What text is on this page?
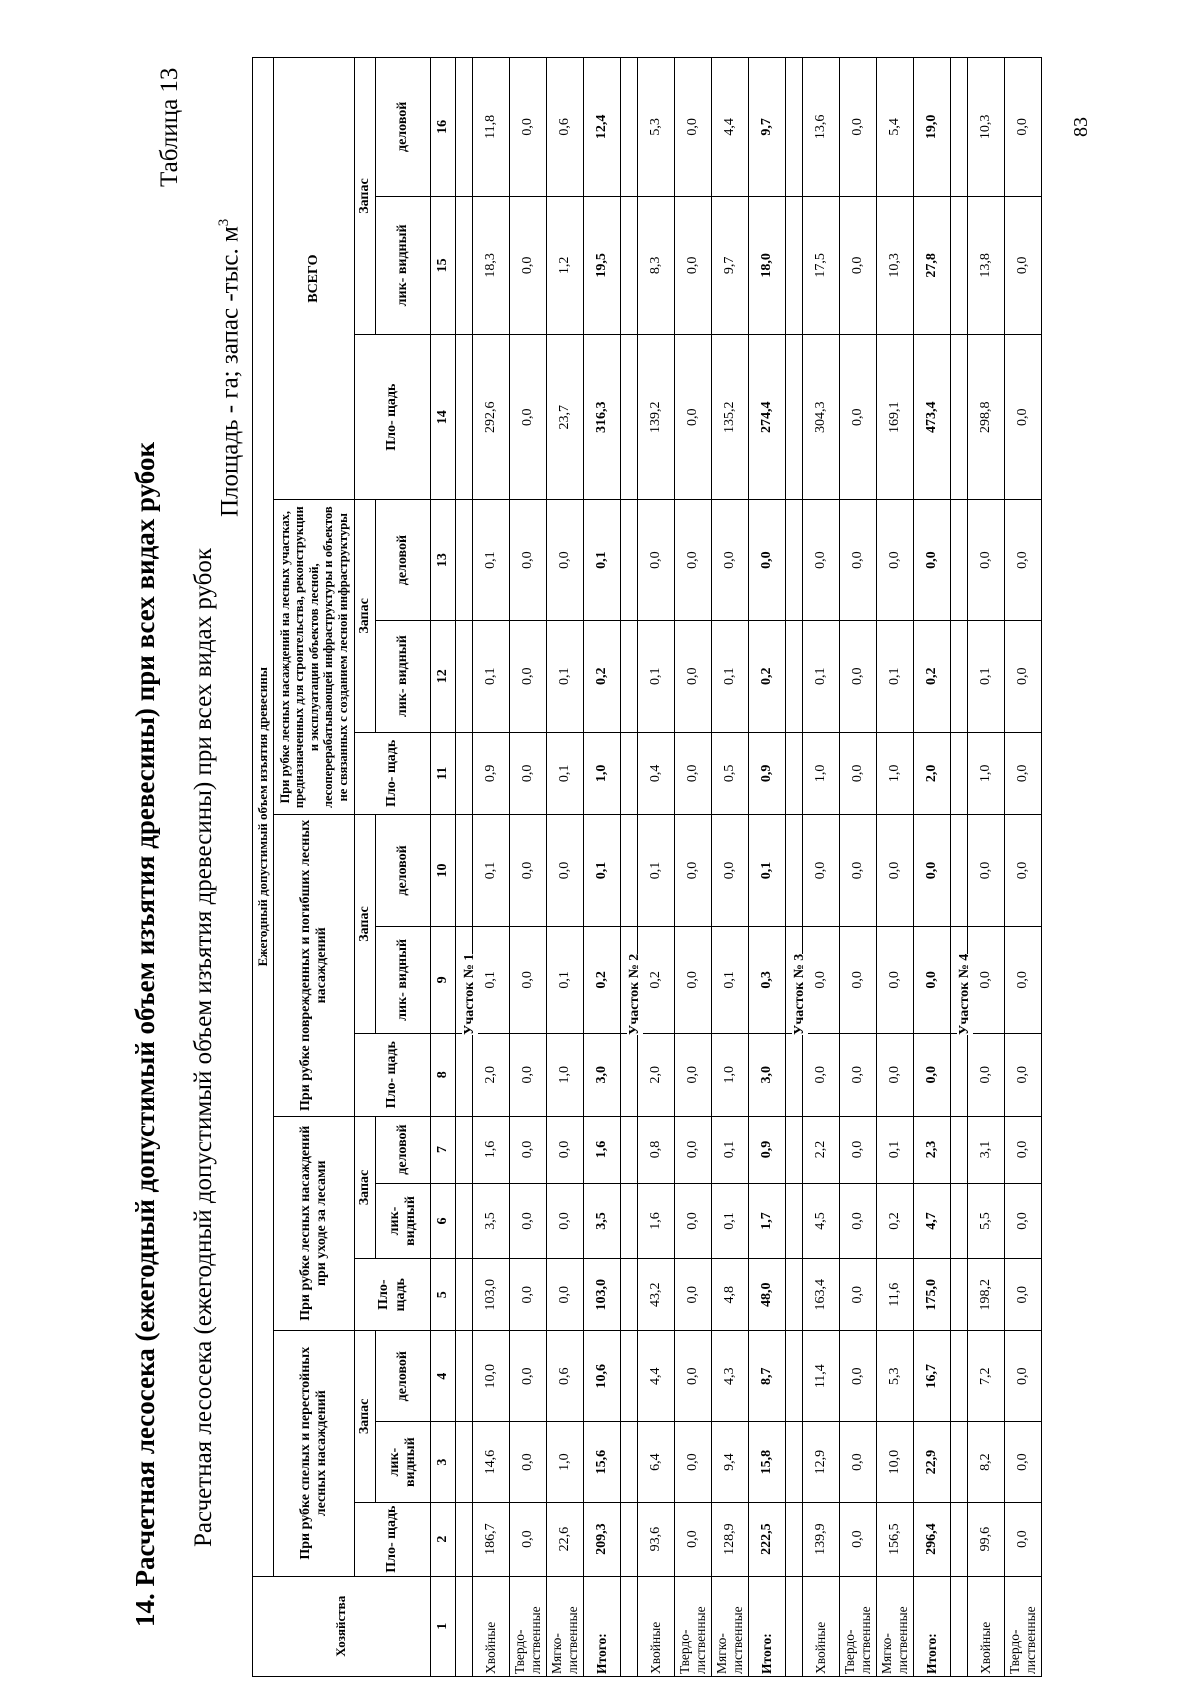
83
14. Расчетная лесосека (ежегодный допустимый объем изъятия древесины) при всех видах рубок
Таблица 13
Расчетная лесосека (ежегодный допустимый объем изъятия древесины) при всех видах рубок
Площадь - га; запас -тыс. $м^3$
Хозяйства	Ежегодный допустимый объем изъятия древесины														
	При рубке спелых и перестойных лесных насаждений			При рубке лесных насаждений при уходе за лесами			При рубке поврежденных и погибших лесных насаждений			При рубке лесных насаждений на лесных участках, предназначенных для строительства, реконструкции и эксплуатации объектов лесной, лесоперерабатывающей инфраструктуры и объектов не связанных с созданием лесной инфраструктуры			ВСЕГО		
	Пло- щадь	Запас		Пло- щадь	Запас		Пло- щадь	Запас		Пло- щадь	Запас		Пло- щадь	Запас	
		лик- видный	деловой		лик- видный	деловой		лик- видный	деловой		лик- видный	деловой		лик- видный	деловой
1	2	3	4	5	6	7	8	9	10	11	12	13	14	15	16

								Участок № 1							

Хвойные	186,7	14,6	10,0	103,0	3,5	1,6	2,0	0,1	0,1	0,9	0,1	0,1	292,6	18,3	11,8
Твердо- лиственные	0,0	0,0	0,0	0,0	0,0	0,0	0,0	0,0	0,0	0,0	0,0	0,0	0,0	0,0	0,0
Мягко- лиственные	22,6	1,0	0,6	0,0	0,0	0,0	1,0	0,1	0,0	0,1	0,1	0,0	23,7	1,2	0,6
Итого:	209,3	15,6	10,6	103,0	3,5	1,6	3,0	0,2	0,1	1,0	0,2	0,1	316,3	19,5	12,4

								Участок № 2							

Хвойные	93,6	6,4	4,4	43,2	1,6	0,8	2,0	0,2	0,1	0,4	0,1	0,0	139,2	8,3	5,3
Твердо- лиственные	0,0	0,0	0,0	0,0	0,0	0,0	0,0	0,0	0,0	0,0	0,0	0,0	0,0	0,0	0,0
Мягко- лиственные	128,9	9,4	4,3	4,8	0,1	0,1	1,0	0,1	0,0	0,5	0,1	0,0	135,2	9,7	4,4
Итого:	222,5	15,8	8,7	48,0	1,7	0,9	3,0	0,3	0,1	0,9	0,2	0,0	274,4	18,0	9,7

								Участок № 3							

Хвойные	139,9	12,9	11,4	163,4	4,5	2,2	0,0	0,0	0,0	1,0	0,1	0,0	304,3	17,5	13,6
Твердо- лиственные	0,0	0,0	0,0	0,0	0,0	0,0	0,0	0,0	0,0	0,0	0,0	0,0	0,0	0,0	0,0
Мягко- лиственные	156,5	10,0	5,3	11,6	0,2	0,1	0,0	0,0	0,0	1,0	0,1	0,0	169,1	10,3	5,4
Итого:	296,4	22,9	16,7	175,0	4,7	2,3	0,0	0,0	0,0	2,0	0,2	0,0	473,4	27,8	19,0

								Участок № 4							

Хвойные	99,6	8,2	7,2	198,2	5,5	3,1	0,0	0,0	0,0	1,0	0,1	0,0	298,8	13,8	10,3
Твердо- лиственные	0,0	0,0	0,0	0,0	0,0	0,0	0,0	0,0	0,0	0,0	0,0	0,0	0,0	0,0	0,0
